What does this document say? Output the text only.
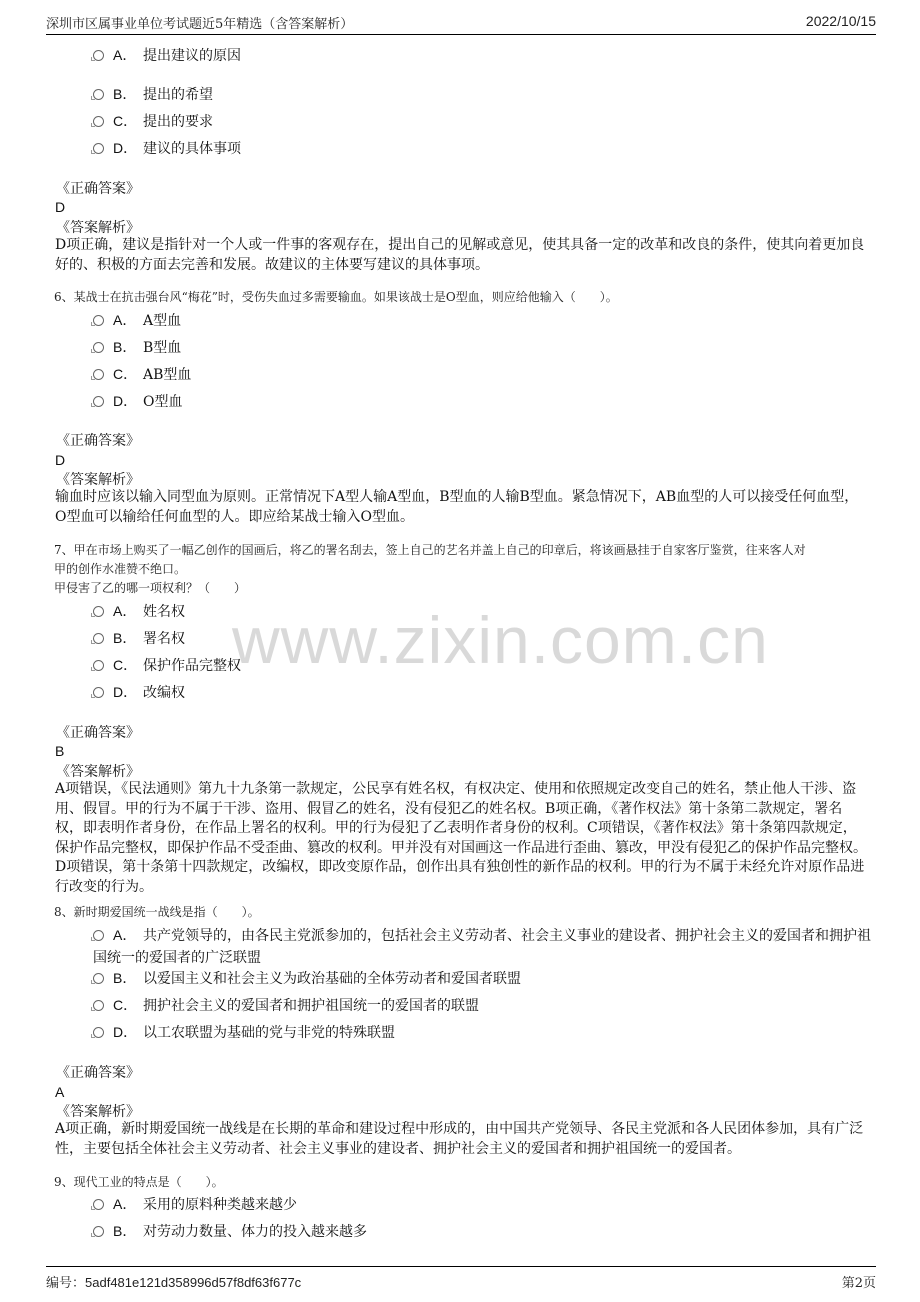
深圳市区属事业单位考试题近5年精选（含答案解析）	2022/10/15
www.zixin.com.cn
A． 提出建议的原因
B． 提出的希望
C． 提出的要求
D． 建议的具体事项
《正确答案》
D
《答案解析》
D项正确，建议是指针对一个人或一件事的客观存在，提出自己的见解或意见，使其具备一定的改革和改良的条件，使其向着更加良好的、积极的方面去完善和发展。故建议的主体要写建议的具体事项。
6、某战士在抗击强台风“梅花”时，受伤失血过多需要输血。如果该战士是O型血，则应给他输入（　　）。
A． A型血
B． B型血
C． AB型血
D． O型血
《正确答案》
D
《答案解析》
输血时应该以输入同型血为原则。正常情况下A型人输A型血，B型血的人输B型血。紧急情况下，AB血型的人可以接受任何血型，O型血可以输给任何血型的人。即应给某战士输入O型血。
7、甲在市场上购买了一幅乙创作的国画后，将乙的署名刮去，签上自己的艺名并盖上自己的印章后，将该画悬挂于自家客厅鉴赏，往来客人对
甲的创作水准赞不绝口。
甲侵害了乙的哪一项权利？（　　）
A． 姓名权
B． 署名权
C． 保护作品完整权
D． 改编权
《正确答案》
B
《答案解析》
A项错误，《民法通则》第九十九条第一款规定，公民享有姓名权，有权决定、使用和依照规定改变自己的姓名，禁止他人干涉、盗用、假冒。甲的行为不属于干涉、盗用、假冒乙的姓名，没有侵犯乙的姓名权。B项正确，《著作权法》第十条第二款规定，署名权，即表明作者身份，在作品上署名的权利。甲的行为侵犯了乙表明作者身份的权利。C项错误，《著作权法》第十条第四款规定，保护作品完整权，即保护作品不受歪曲、篡改的权利。甲并没有对国画这一作品进行歪曲、篡改，甲没有侵犯乙的保护作品完整权。D项错误，第十条第十四款规定，改编权，即改变原作品，创作出具有独创性的新作品的权利。甲的行为不属于未经允许对原作品进行改变的行为。
8、新时期爱国统一战线是指（　　）。
A． 共产党领导的，由各民主党派参加的，包括社会主义劳动者、社会主义事业的建设者、拥护社会主义的爱国者和拥护祖国统一的爱国者的广泛联盟
B． 以爱国主义和社会主义为政治基础的全体劳动者和爱国者联盟
C． 拥护社会主义的爱国者和拥护祖国统一的爱国者的联盟
D． 以工农联盟为基础的党与非党的特殊联盟
《正确答案》
A
《答案解析》
A项正确，新时期爱国统一战线是在长期的革命和建设过程中形成的，由中国共产党领导、各民主党派和各人民团体参加，具有广泛性，主要包括全体社会主义劳动者、社会主义事业的建设者、拥护社会主义的爱国者和拥护祖国统一的爱国者。
9、现代工业的特点是（　　）。
A． 采用的原料种类越来越少
B． 对劳动力数量、体力的投入越来越多
编号：5adf481e121d358996d57f8df63f677c	第2页
